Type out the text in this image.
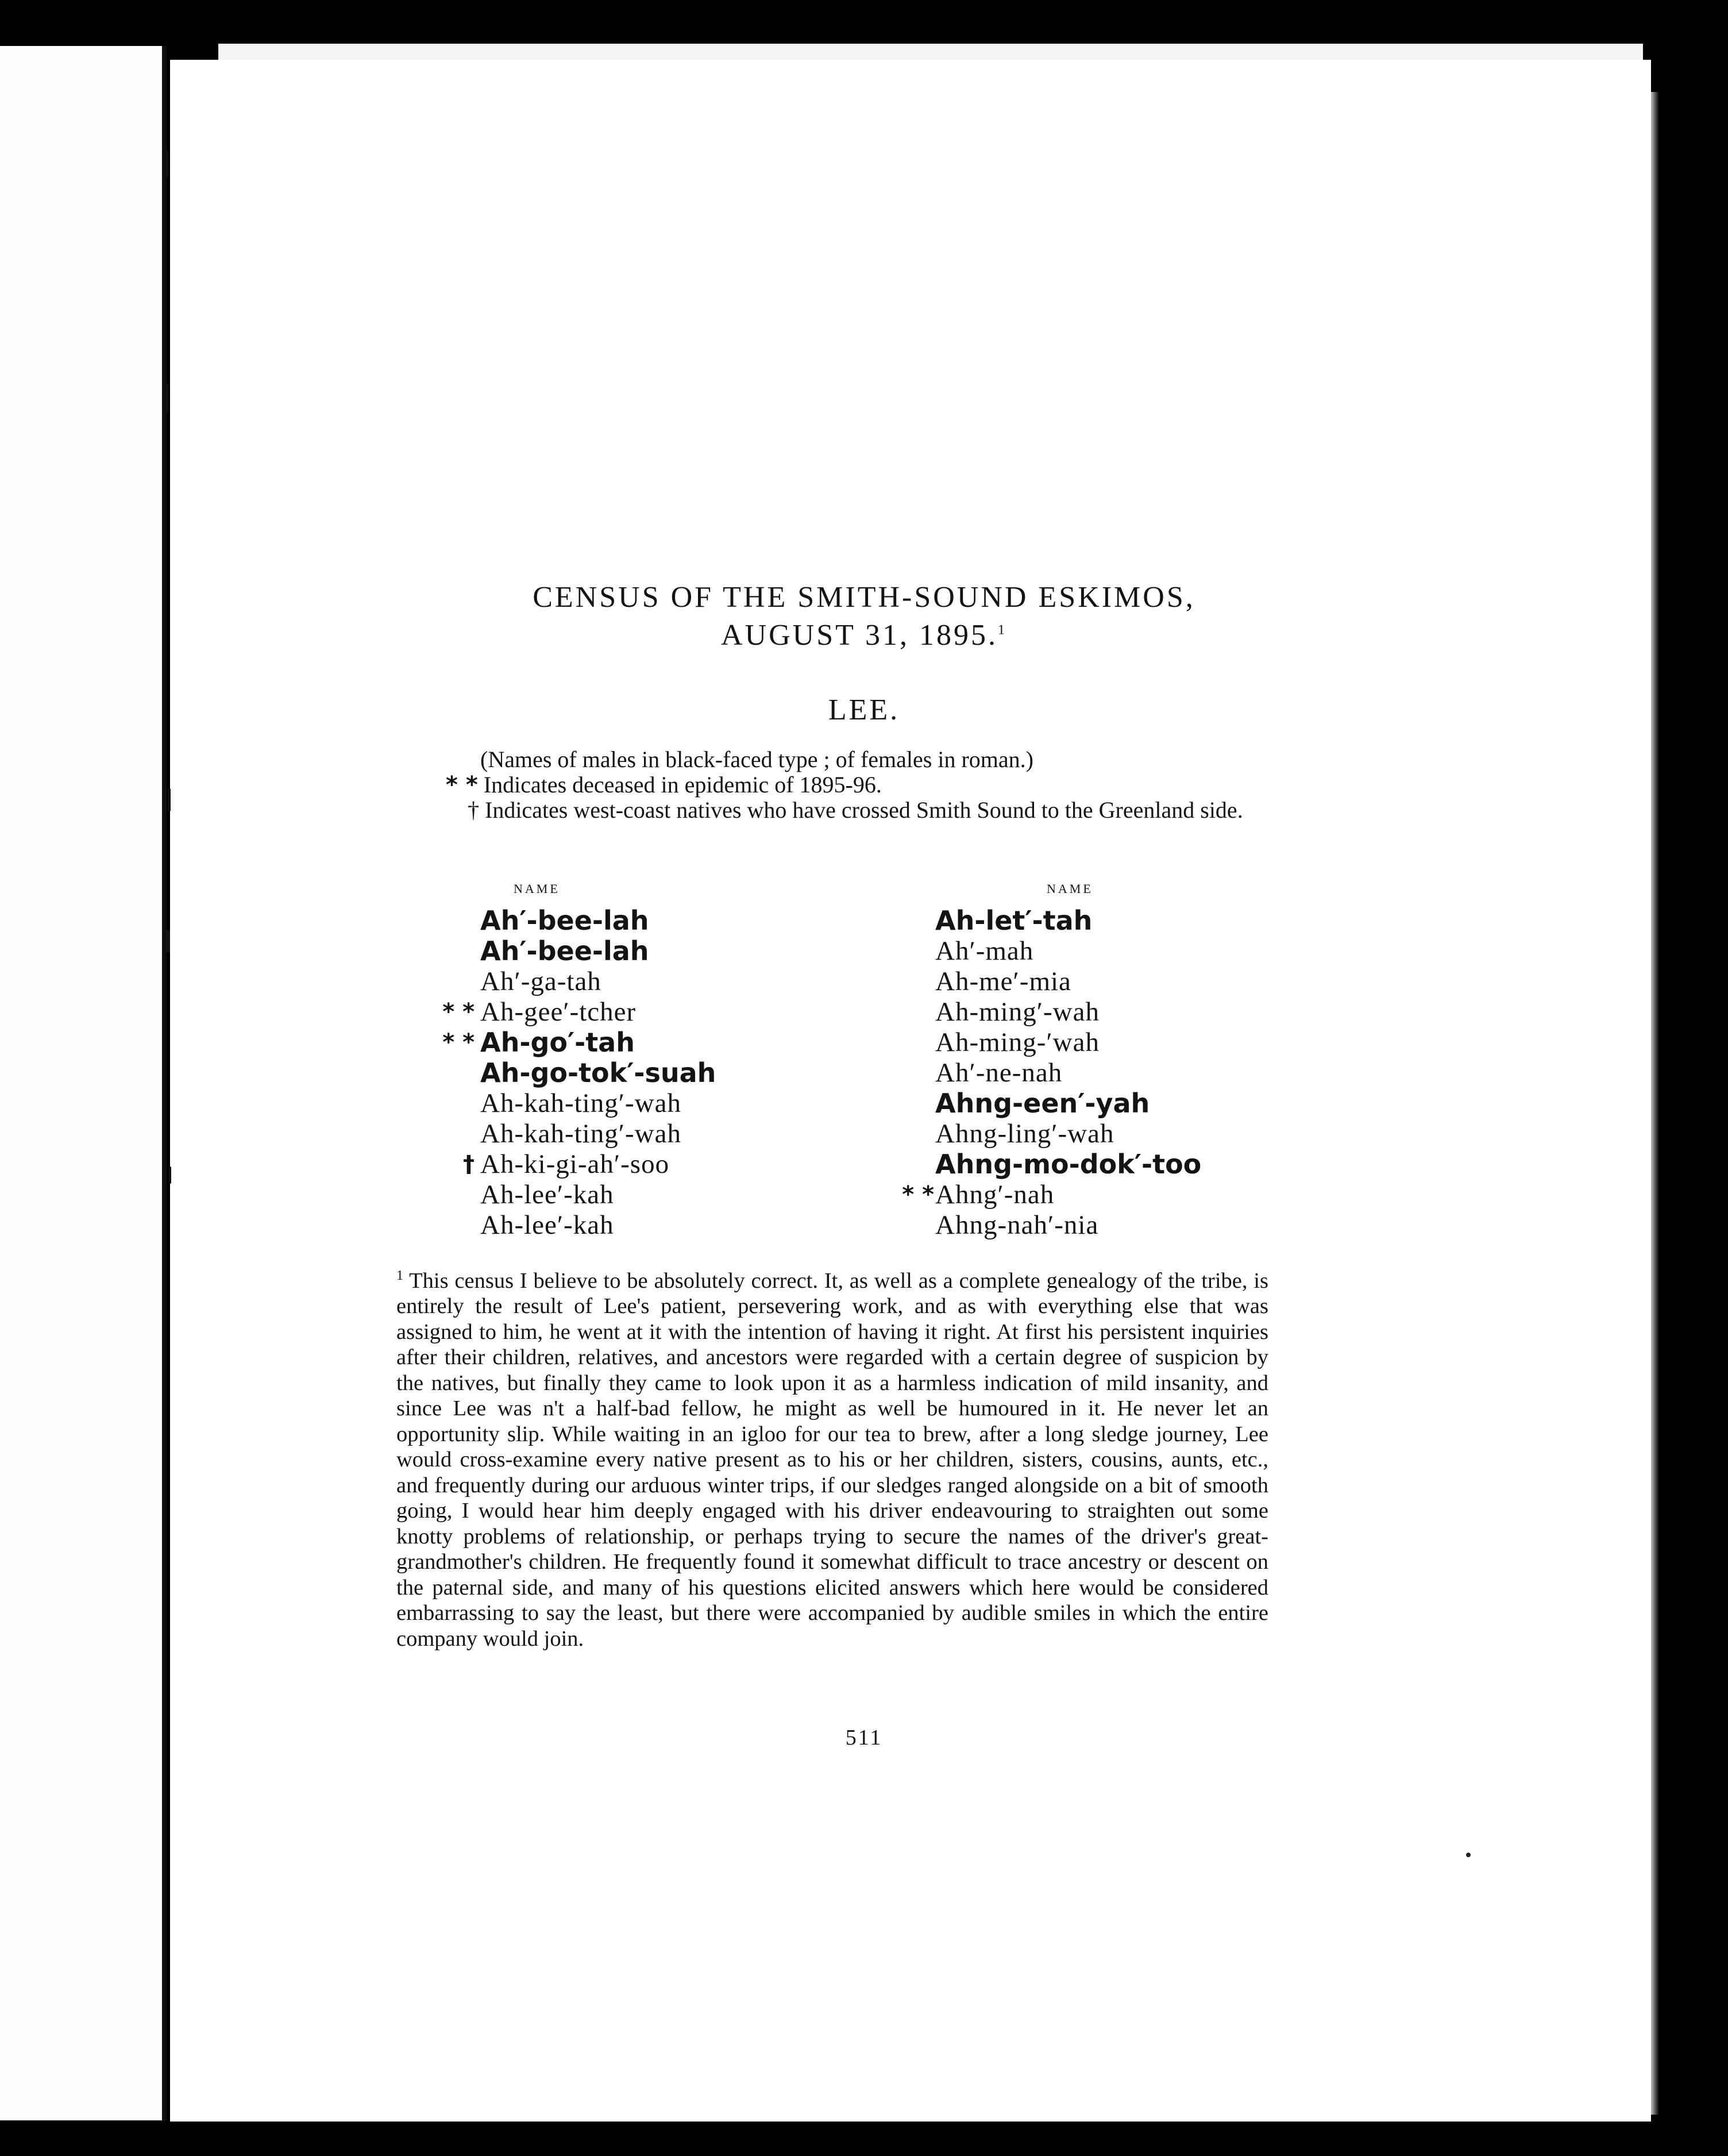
CENSUS OF THE SMITH-SOUND ESKIMOS,
AUGUST 31, 1895.$^1$
LEE.
(Names of males in black-faced type ; of females in roman.)
* * Indicates deceased in epidemic of 1895-96.
† Indicates west-coast natives who have crossed Smith Sound to the Greenland side.
NAME	NAME
Ah′-bee-lah
Ah′-bee-lah
Ah′-ga-tah
* * Ah-gee′-tcher
* * Ah-go′-tah
Ah-go-tok′-suah
Ah-kah-ting′-wah
Ah-kah-ting′-wah
† Ah-ki-gi-ah′-soo
Ah-lee′-kah
Ah-lee′-kah
Ah-let′-tah
Ah′-mah
Ah-me′-mia
Ah-ming′-wah
Ah-ming-′wah
Ah′-ne-nah
Ahng-een′-yah
Ahng-ling′-wah
Ahng-mo-dok′-too
* * Ahng′-nah
Ahng-nah′-nia

$^1$ This census I believe to be absolutely correct. It, as well as a complete genealogy of the tribe, is entirely the result of Lee's patient, persevering work, and as with everything else that was assigned to him, he went at it with the intention of having it right. At first his persistent inquiries after their children, relatives, and ancestors were regarded with a certain degree of suspicion by the natives, but finally they came to look upon it as a harmless indication of mild insanity, and since Lee was n't a half-bad fellow, he might as well be humoured in it. He never let an opportunity slip. While waiting in an igloo for our tea to brew, after a long sledge journey, Lee would cross-examine every native present as to his or her children, sisters, cousins, aunts, etc., and frequently during our arduous winter trips, if our sledges ranged alongside on a bit of smooth going, I would hear him deeply engaged with his driver endeavouring to straighten out some knotty problems of relationship, or perhaps trying to secure the names of the driver's great-grandmother's children. He frequently found it somewhat difficult to trace ancestry or descent on the paternal side, and many of his questions elicited answers which here would be considered embarrassing to say the least, but there were accompanied by audible smiles in which the entire company would join.

511
